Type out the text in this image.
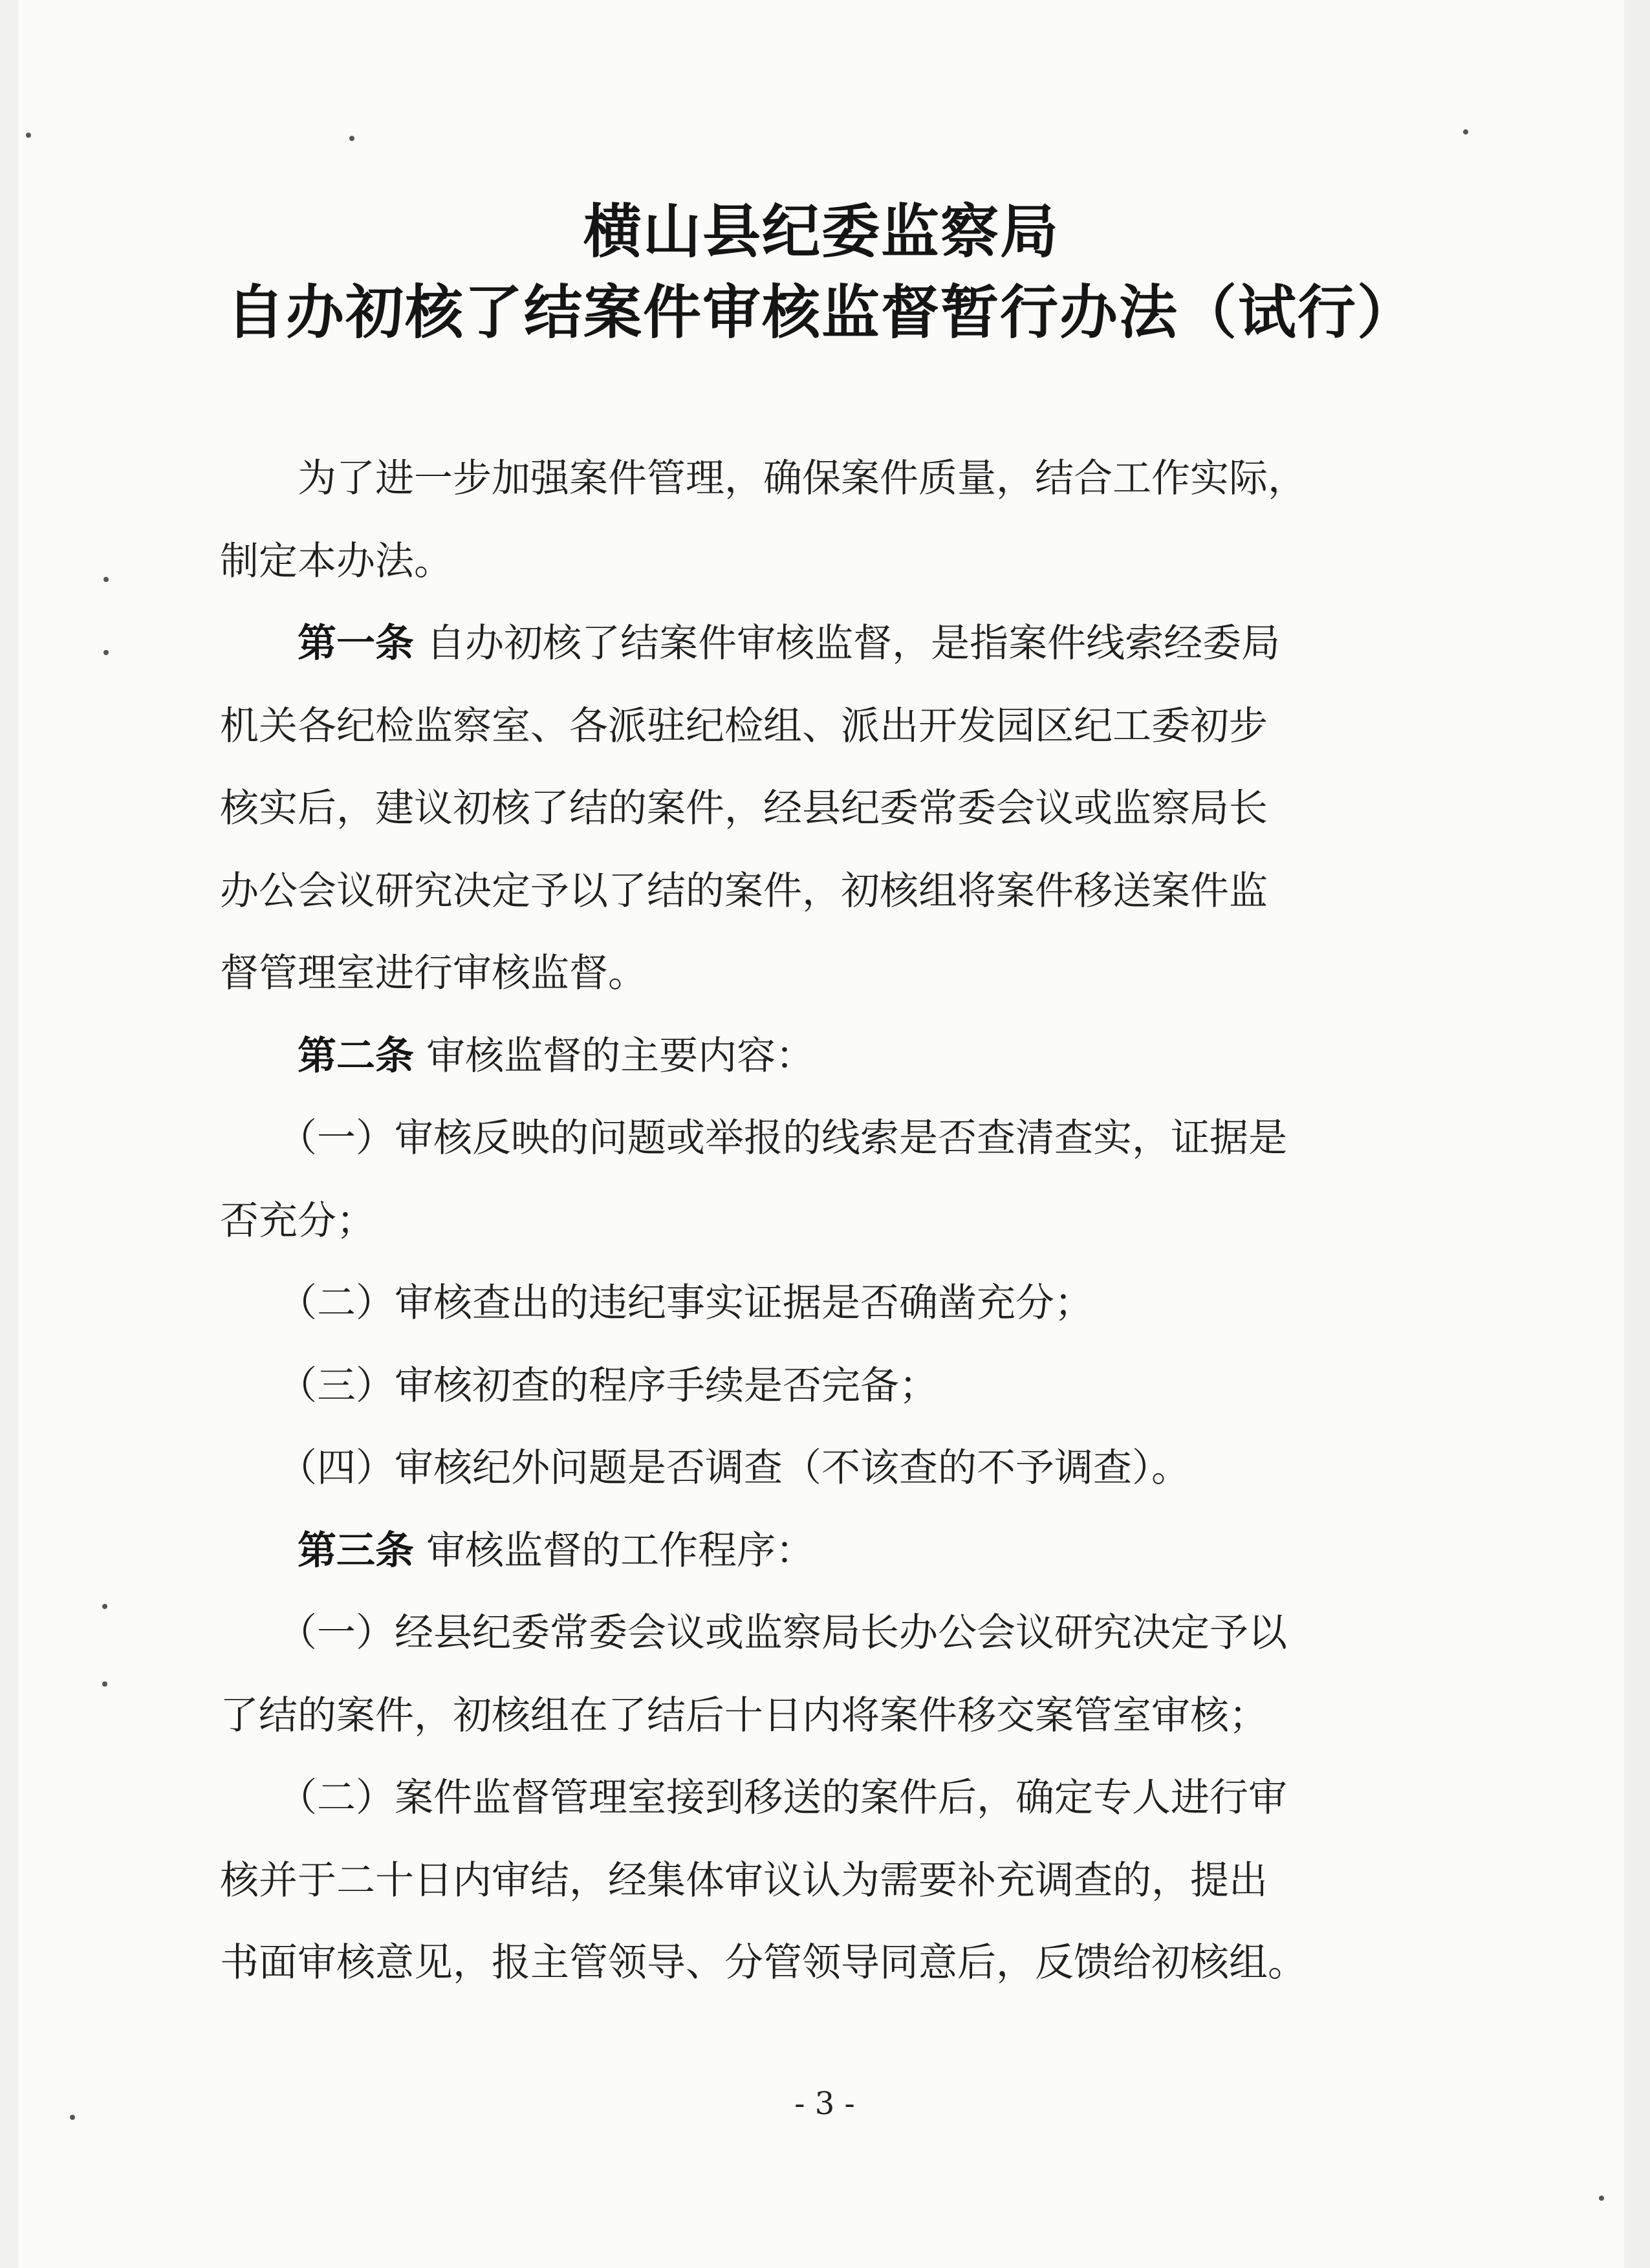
横山县纪委监察局
自办初核了结案件审核监督暂行办法（试行）
　　为了进一步加强案件管理，确保案件质量，结合工作实际，
制定本办法。
　　第一条 自办初核了结案件审核监督，是指案件线索经委局
机关各纪检监察室、各派驻纪检组、派出开发园区纪工委初步
核实后，建议初核了结的案件，经县纪委常委会议或监察局长
办公会议研究决定予以了结的案件，初核组将案件移送案件监
督管理室进行审核监督。
　　第二条 审核监督的主要内容：
　　（一）审核反映的问题或举报的线索是否查清查实，证据是
否充分；
　　（二）审核查出的违纪事实证据是否确凿充分；
　　（三）审核初查的程序手续是否完备；
　　（四）审核纪外问题是否调查（不该查的不予调查）。
　　第三条 审核监督的工作程序：
　　（一）经县纪委常委会议或监察局长办公会议研究决定予以
了结的案件，初核组在了结后十日内将案件移交案管室审核；
　　（二）案件监督管理室接到移送的案件后，确定专人进行审
核并于二十日内审结，经集体审议认为需要补充调查的，提出
书面审核意见，报主管领导、分管领导同意后，反馈给初核组。
- 3 -
